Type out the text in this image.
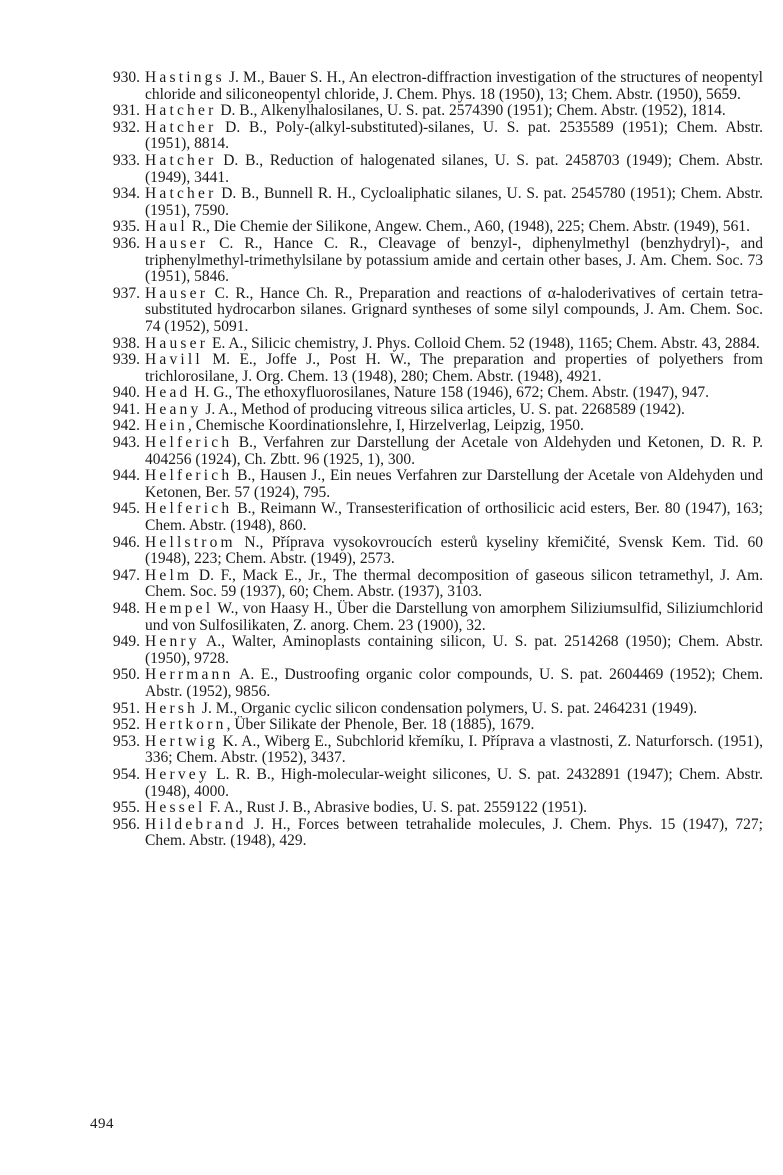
930. Hastings J. M., Bauer S. H., An electron-diffraction investigation of the structures of neopentyl chloride and siliconeopentyl chloride, J. Chem. Phys. 18 (1950), 13; Chem. Abstr. (1950), 5659.
931. Hatcher D. B., Alkenylhalosilanes, U. S. pat. 2574390 (1951); Chem. Abstr. (1952), 1814.
932. Hatcher D. B., Poly-(alkyl-substituted)-silanes, U. S. pat. 2535589 (1951); Chem. Abstr. (1951), 8814.
933. Hatcher D. B., Reduction of halogenated silanes, U. S. pat. 2458703 (1949); Chem. Abstr. (1949), 3441.
934. Hatcher D. B., Bunnell R. H., Cycloaliphatic silanes, U. S. pat. 2545780 (1951); Chem. Abstr. (1951), 7590.
935. Haul R., Die Chemie der Silikone, Angew. Chem., A60, (1948), 225; Chem. Abstr. (1949), 561.
936. Hauser C. R., Hance C. R., Cleavage of benzyl-, diphenylmethyl (benzhydryl)-, and triphenylmethyl-trimethylsilane by potassium amide and certain other bases, J. Am. Chem. Soc. 73 (1951), 5846.
937. Hauser C. R., Hance Ch. R., Preparation and reactions of α-haloderivatives of certain tetra-substituted hydrocarbon silanes. Grignard syntheses of some silyl compounds, J. Am. Chem. Soc. 74 (1952), 5091.
938. Hauser E. A., Silicic chemistry, J. Phys. Colloid Chem. 52 (1948), 1165; Chem. Abstr. 43, 2884.
939. Havill M. E., Joffe J., Post H. W., The preparation and properties of polyethers from trichlorosilane, J. Org. Chem. 13 (1948), 280; Chem. Abstr. (1948), 4921.
940. Head H. G., The ethoxyfluorosilanes, Nature 158 (1946), 672; Chem. Abstr. (1947), 947.
941. Heany J. A., Method of producing vitreous silica articles, U. S. pat. 2268589 (1942).
942. Hein, Chemische Koordinationslehre, I, Hirzelverlag, Leipzig, 1950.
943. Helferich B., Verfahren zur Darstellung der Acetale von Aldehyden und Ketonen, D. R. P. 404256 (1924), Ch. Zbtt. 96 (1925, 1), 300.
944. Helferich B., Hausen J., Ein neues Verfahren zur Darstellung der Acetale von Aldehyden und Ketonen, Ber. 57 (1924), 795.
945. Helferich B., Reimann W., Transesterification of orthosilicic acid esters, Ber. 80 (1947), 163; Chem. Abstr. (1948), 860.
946. Hellstrom N., Příprava vysokovroucích esterů kyseliny křemičité, Svensk Kem. Tid. 60 (1948), 223; Chem. Abstr. (1949), 2573.
947. Helm D. F., Mack E., Jr., The thermal decomposition of gaseous silicon tetramethyl, J. Am. Chem. Soc. 59 (1937), 60; Chem. Abstr. (1937), 3103.
948. Hempel W., von Haasy H., Über die Darstellung von amorphem Siliziumsulfid, Siliziumchlorid und von Sulfosilikaten, Z. anorg. Chem. 23 (1900), 32.
949. Henry A., Walter, Aminoplasts containing silicon, U. S. pat. 2514268 (1950); Chem. Abstr. (1950), 9728.
950. Herrmann A. E., Dustroofing organic color compounds, U. S. pat. 2604469 (1952); Chem. Abstr. (1952), 9856.
951. Hersh J. M., Organic cyclic silicon condensation polymers, U. S. pat. 2464231 (1949).
952. Hertkorn, Über Silikate der Phenole, Ber. 18 (1885), 1679.
953. Hertwig K. A., Wiberg E., Subchlorid křemíku, I. Příprava a vlastnosti, Z. Naturforsch. (1951), 336; Chem. Abstr. (1952), 3437.
954. Hervey L. R. B., High-molecular-weight silicones, U. S. pat. 2432891 (1947); Chem. Abstr. (1948), 4000.
955. Hessel F. A., Rust J. B., Abrasive bodies, U. S. pat. 2559122 (1951).
956. Hildebrand J. H., Forces between tetrahalide molecules, J. Chem. Phys. 15 (1947), 727; Chem. Abstr. (1948), 429.
494
